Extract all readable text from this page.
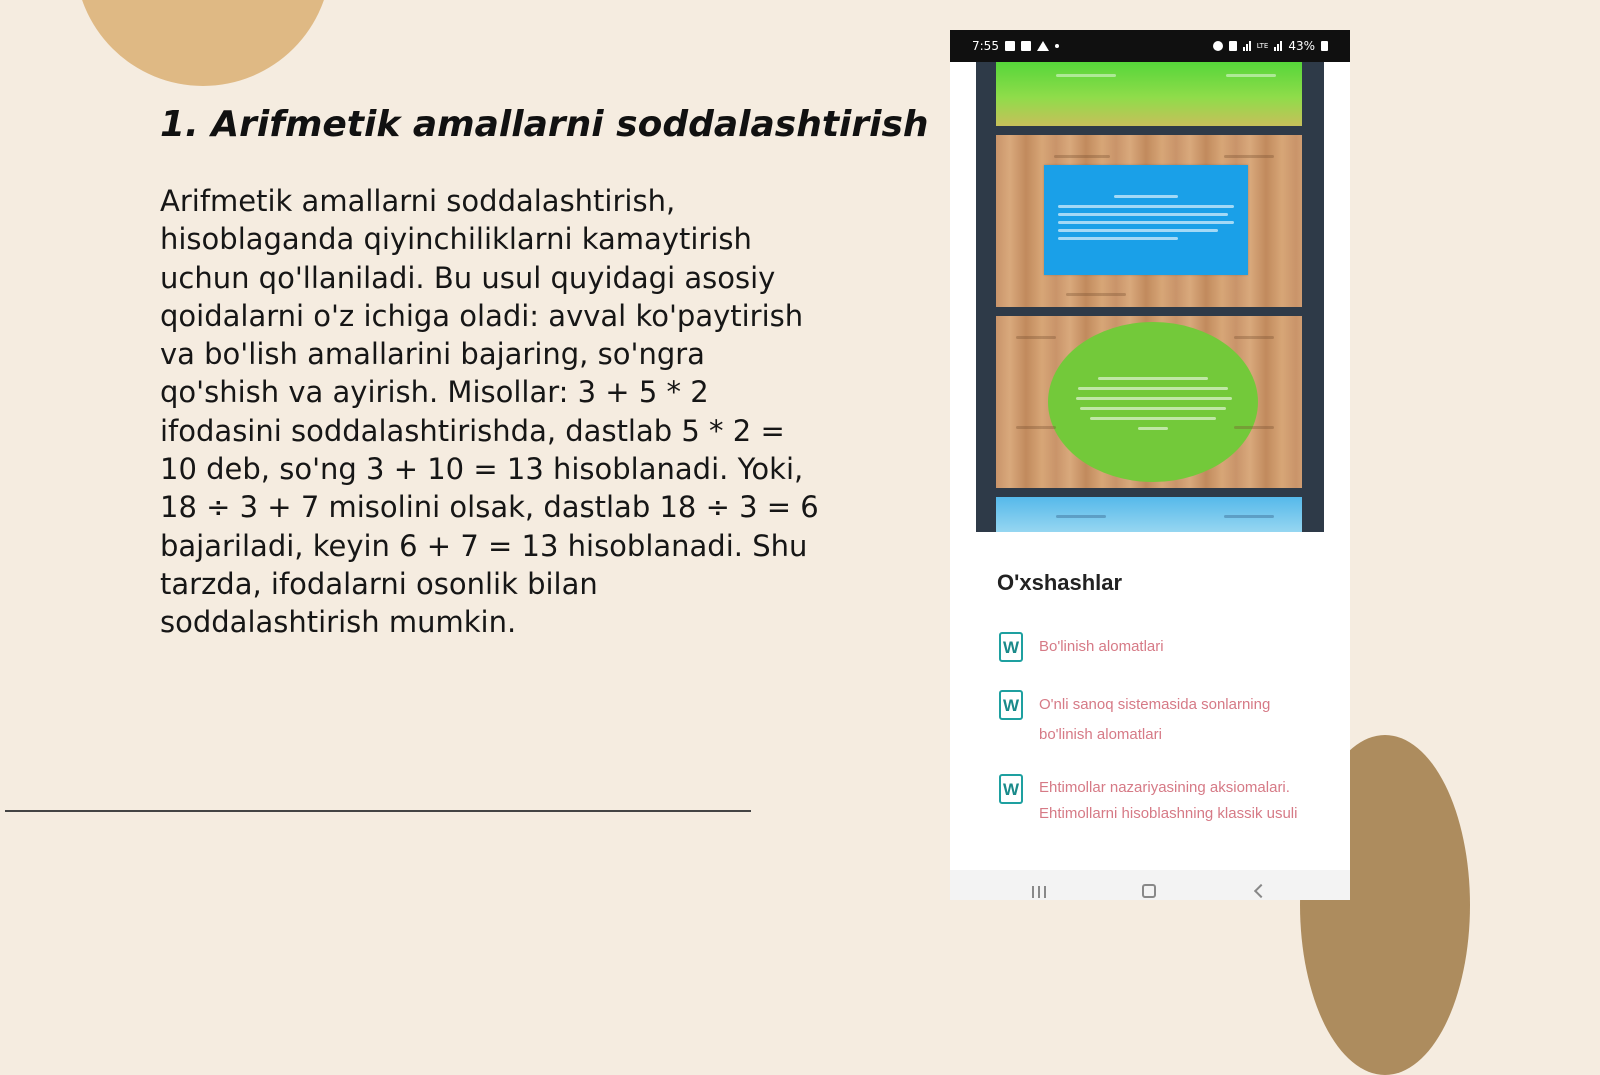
1. Arifmetik amallarni soddalashtirish

Arifmetik amallarni soddalashtirish, hisoblaganda qiyinchiliklarni kamaytirish uchun qo'llaniladi. Bu usul quyidagi asosiy qoidalarni o'z ichiga oladi: avval ko'paytirish va bo'lish amallarini bajaring, so'ngra qo'shish va ayirish. Misollar: 3 + 5 * 2 ifodasini soddalashtirishda, dastlab 5 * 2 = 10 deb, so'ng 3 + 10 = 13 hisoblanadi. Yoki, 18 ÷ 3 + 7 misolini olsak, dastlab 18 ÷ 3 = 6 bajariladi, keyin 6 + 7 = 13 hisoblanadi. Shu tarzda, ifodalarni osonlik bilan soddalashtirish mumkin.

7:55	LTE 43%
O'xshashlar
W Bo'linish alomatlari
W O'nli sanoq sistemasida sonlarning bo'linish alomatlari
W Ehtimollar nazariyasining aksiomalari. Ehtimollarni hisoblashning klassik usuli
